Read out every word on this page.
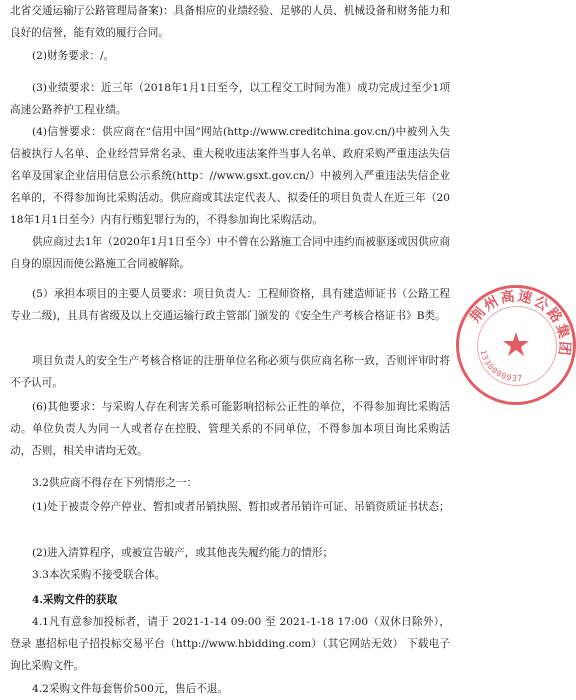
北省交通运输厅公路管理局备案)：具备相应的业绩经验、足够的人员、机械设备和财务能力和良好的信誉，能有效的履行合同。

(2)财务要求：/。

(3)业绩要求：近三年（2018年1月1日至今，以工程交工时间为准）成功完成过至少1项高速公路养护工程业绩。

(4)信誉要求：供应商在“信用中国”网站(http://www.creditchina.gov.cn/)中被列入失信被执行人名单、企业经营异常名录、重大税收违法案件当事人名单、政府采购严重违法失信名单及国家企业信用信息公示系统(http：//www.gsxt.gov.cn/）中被列入严重违法失信企业名单的，不得参加询比采购活动。供应商或其法定代表人、拟委任的项目负责人在近三年（2018年1月1日至今）内有行贿犯罪行为的，不得参加询比采购活动。

供应商过去1年（2020年1月1日至今）中不曾在公路施工合同中违约而被驱逐或因供应商自身的原因而使公路施工合同被解除。

(5）承担本项目的主要人员要求：项目负责人：工程师资格，具有建造师证书（公路工程专业二级)，且具有省级及以上交通运输行政主管部门颁发的《安全生产考核合格证书》B类。

项目负责人的安全生产考核合格证的注册单位名称必须与供应商名称一致，否则评审时将不予认可。

(6)其他要求：与采购人存在利害关系可能影响招标公正性的单位，不得参加询比采购活动。单位负责人为同一人或者存在控股、管理关系的不同单位，不得参加本项目询比采购活动，否则，相关申请均无效。

3.2供应商不得存在下列情形之一：

(1)处于被责令停产停业、暂扣或者吊销执照、暂扣或者吊销许可证、吊销资质证书状态；

(2)进入清算程序，或被宣告破产，或其他丧失履约能力的情形；

3.3本次采购不接受联合体。

4.采购文件的获取

4.1凡有意参加投标者，请于 2021-1-14 09:00 至 2021-1-18 17:00（双休日除外），登录 惠招标电子招投标交易平台（http://www.hbidding.com）（其它网站无效） 下载电子询比采购文件。

4.2采购文件每套售价500元，售后不退。

荆州高速公路集团
1330000937
